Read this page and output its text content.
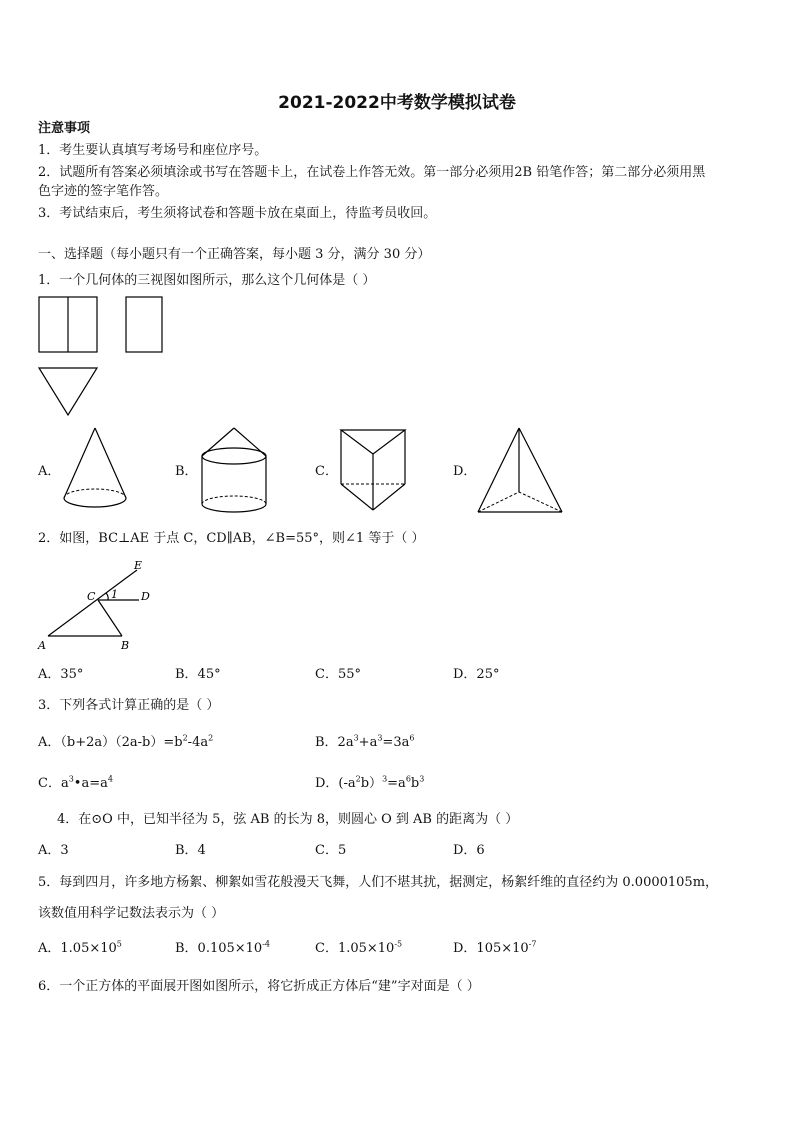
2021-2022中考数学模拟试卷
注意事项
1．考生要认真填写考场号和座位序号。
2．试题所有答案必须填涂或书写在答题卡上，在试卷上作答无效。第一部分必须用2B 铅笔作答；第二部分必须用黑
色字迹的签字笔作答。
3．考试结束后，考生须将试卷和答题卡放在桌面上，待监考员收回。
一、选择题（每小题只有一个正确答案，每小题 3 分，满分 30 分）
1．一个几何体的三视图如图所示，那么这个几何体是（ ）
A．	B．	C．	D．
2．如图，BC⊥AE 于点 C，CD∥AB，∠B=55°，则∠1 等于（ ）
E
C 1 D
A	B
A．35°	B．45°	C．55°	D．25°
3．下列各式计算正确的是（ ）
A．$(b+2a)(2a-b)=b^2-4a^2$	B．$2a^3+a^3=3a^6$
C．$a^3•a=a^4$	D．$(-a^2b)^3=a^6b^3$
4．在⊙O 中，已知半径为 5，弦 AB 的长为 8，则圆心 O 到 AB 的距离为（ ）
A．3	B．4	C．5	D．6
5．每到四月，许多地方杨絮、柳絮如雪花般漫天飞舞，人们不堪其扰，据测定，杨絮纤维的直径约为 0.0000105m，
该数值用科学记数法表示为（ ）
A．$1.05\times 10^5$	B．$0.105\times 10^{-4}$	C．$1.05\times 10^{-5}$	D．$105\times 10^{-7}$
6．一个正方体的平面展开图如图所示，将它折成正方体后“建”字对面是（ ）
